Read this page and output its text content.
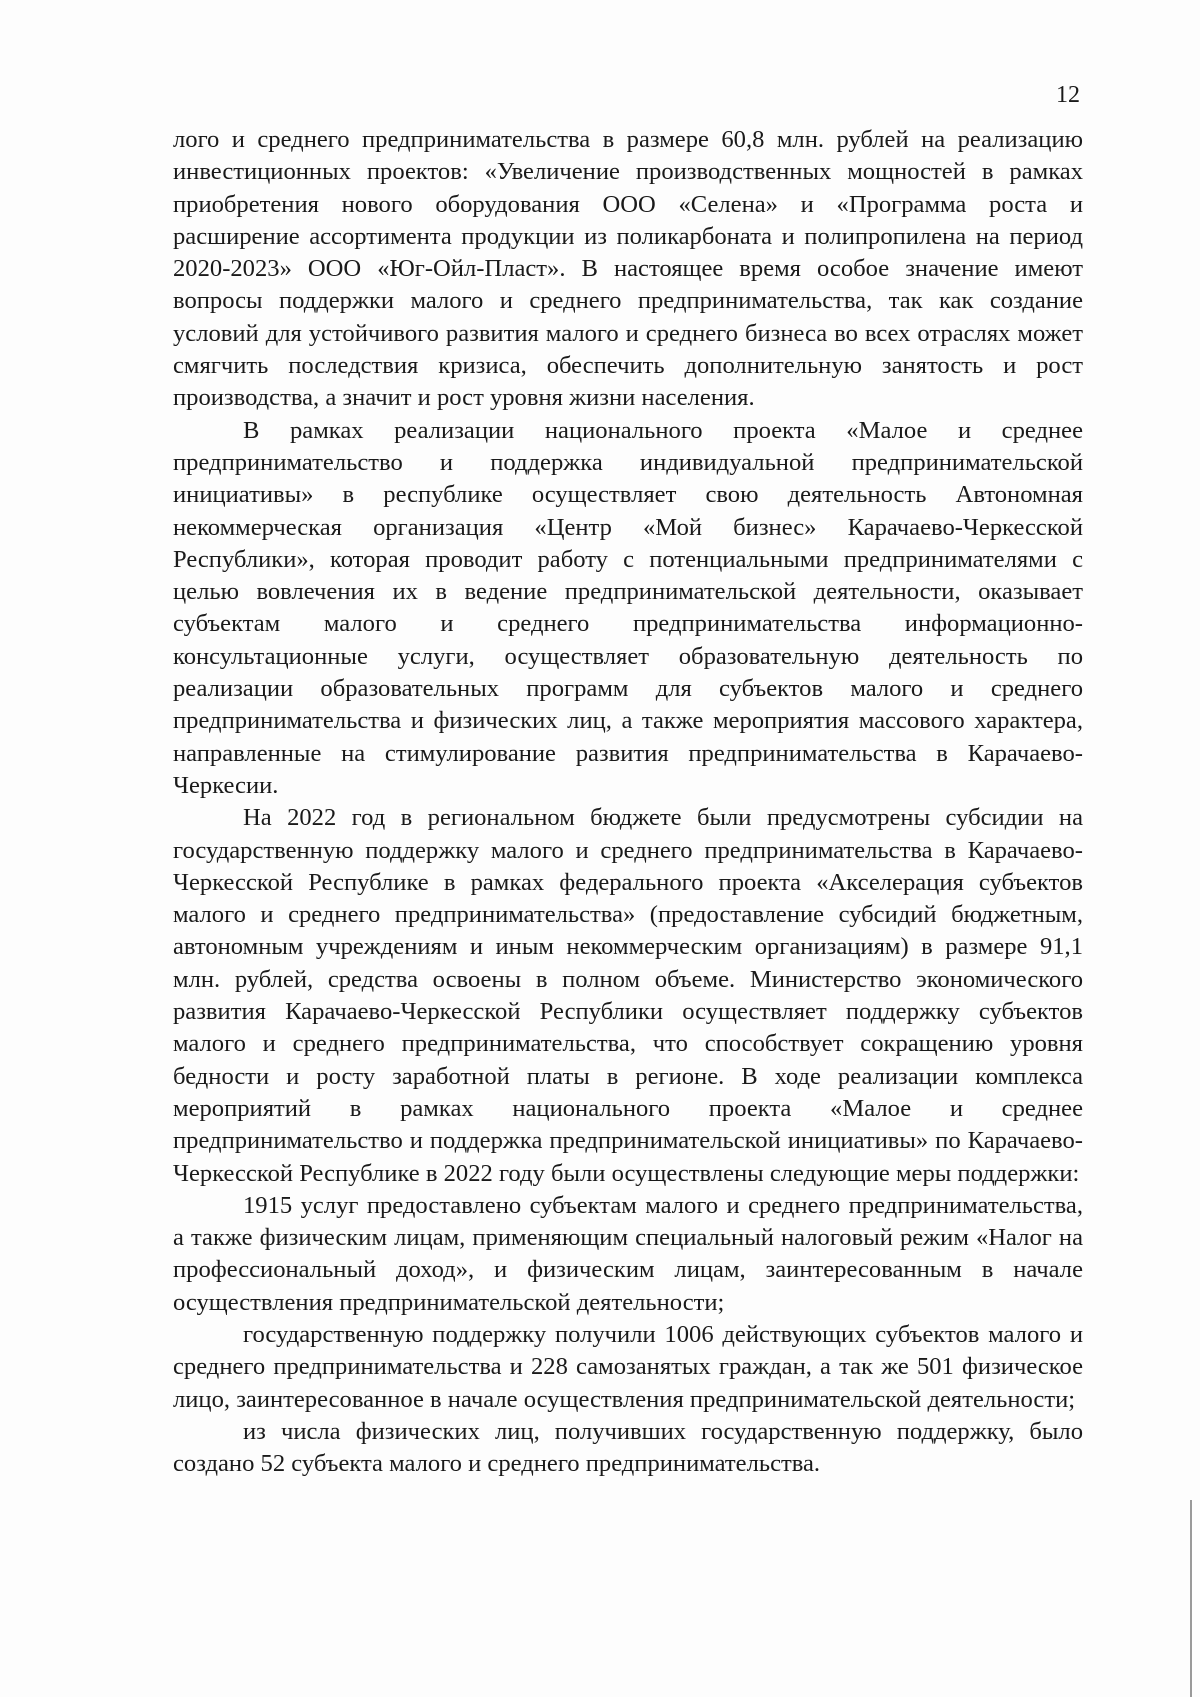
12

лого и среднего предпринимательства в размере 60,8 млн. рублей на реализацию инвестиционных проектов: «Увеличение производственных мощностей в рамках приобретения нового оборудования ООО «Селена» и «Программа роста и расширение ассортимента продукции из поликарбоната и полипропилена на период 2020-2023» ООО «Юг-Ойл-Пласт». В настоящее время особое значение имеют вопросы поддержки малого и среднего предпринимательства, так как создание условий для устойчивого развития малого и среднего бизнеса во всех отраслях может смягчить последствия кризиса, обеспечить дополнительную занятость и рост производства, а значит и рост уровня жизни населения.

В рамках реализации национального проекта «Малое и среднее предпринимательство и поддержка индивидуальной предпринимательской инициативы» в республике осуществляет свою деятельность Автономная некоммерческая организация «Центр «Мой бизнес» Карачаево-Черкесской Республики», которая проводит работу с потенциальными предпринимателями с целью вовлечения их в ведение предпринимательской деятельности, оказывает субъектам малого и среднего предпринимательства информационно-консультационные услуги, осуществляет образовательную деятельность по реализации образовательных программ для субъектов малого и среднего предпринимательства и физических лиц, а также мероприятия массового характера, направленные на стимулирование развития предпринимательства в Карачаево-Черкесии.

На 2022 год в региональном бюджете были предусмотрены субсидии на государственную поддержку малого и среднего предпринимательства в Карачаево-Черкесской Республике в рамках федерального проекта «Акселерация субъектов малого и среднего предпринимательства» (предоставление субсидий бюджетным, автономным учреждениям и иным некоммерческим организациям) в размере 91,1 млн. рублей, средства освоены в полном объеме. Министерство экономического развития Карачаево-Черкесской Республики осуществляет поддержку субъектов малого и среднего предпринимательства, что способствует сокращению уровня бедности и росту заработной платы в регионе. В ходе реализации комплекса мероприятий в рамках национального проекта «Малое и среднее предпринимательство и поддержка предпринимательской инициативы» по Карачаево-Черкесской Республике в 2022 году были осуществлены следующие меры поддержки:

1915 услуг предоставлено субъектам малого и среднего предпринимательства, а также физическим лицам, применяющим специальный налоговый режим «Налог на профессиональный доход», и физическим лицам, заинтересованным в начале осуществления предпринимательской деятельности;

государственную поддержку получили 1006 действующих субъектов малого и среднего предпринимательства и 228 самозанятых граждан, а так же 501 физическое лицо, заинтересованное в начале осуществления предпринимательской деятельности;

из числа физических лиц, получивших государственную поддержку, было создано 52 субъекта малого и среднего предпринимательства.
